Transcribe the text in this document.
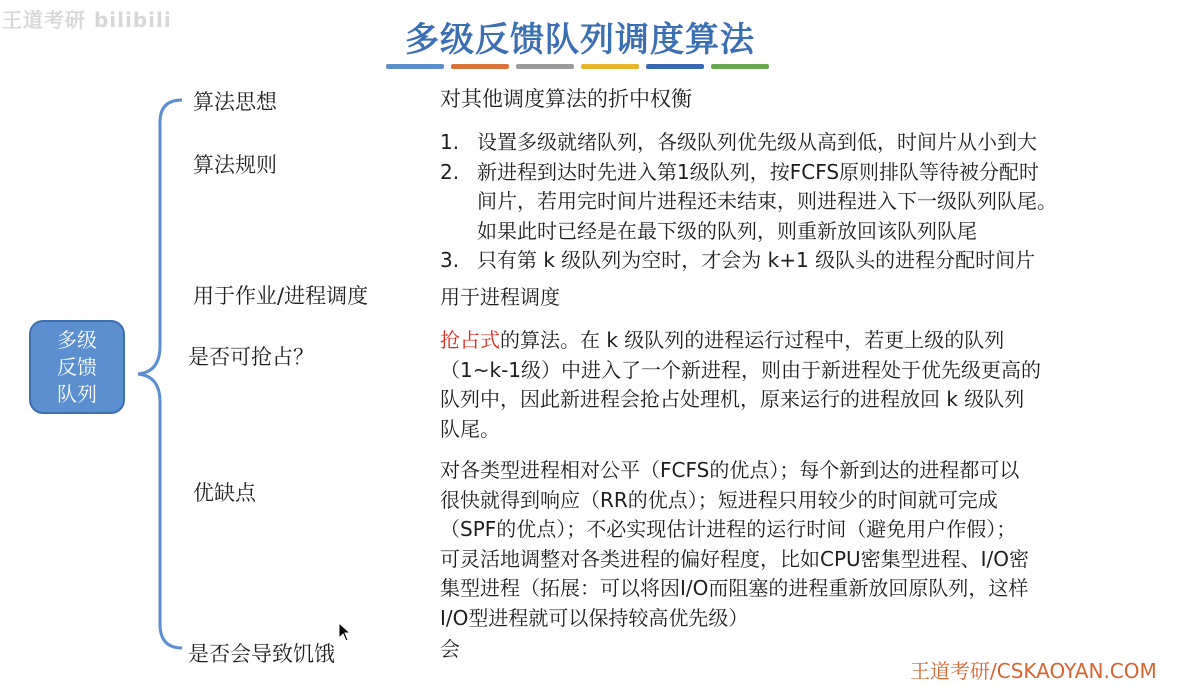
王道考研 bilibili	多级反馈队列调度算法
多级
反馈
队列
算法思想	对其他调度算法的折中权衡
算法规则
1. 设置多级就绪队列，各级队列优先级从高到低，时间片从小到大
2. 新进程到达时先进入第1级队列，按FCFS原则排队等待被分配时
间片，若用完时间片进程还未结束，则进程进入下一级队列队尾。
如果此时已经是在最下级的队列，则重新放回该队列队尾
3. 只有第 k 级队列为空时，才会为 k+1 级队头的进程分配时间片
用于作业/进程调度	用于进程调度
是否可抢占？
抢占式的算法。在 k 级队列的进程运行过程中，若更上级的队列
（1~k-1级）中进入了一个新进程，则由于新进程处于优先级更高的
队列中，因此新进程会抢占处理机，原来运行的进程放回 k 级队列
队尾。
优缺点
对各类型进程相对公平（FCFS的优点）；每个新到达的进程都可以
很快就得到响应（RR的优点）；短进程只用较少的时间就可完成
（SPF的优点）；不必实现估计进程的运行时间（避免用户作假）；
可灵活地调整对各类进程的偏好程度，比如CPU密集型进程、I/O密
集型进程（拓展：可以将因I/O而阻塞的进程重新放回原队列，这样
I/O型进程就可以保持较高优先级）
是否会导致饥饿	会
王道考研/CSKAOYAN.COM
